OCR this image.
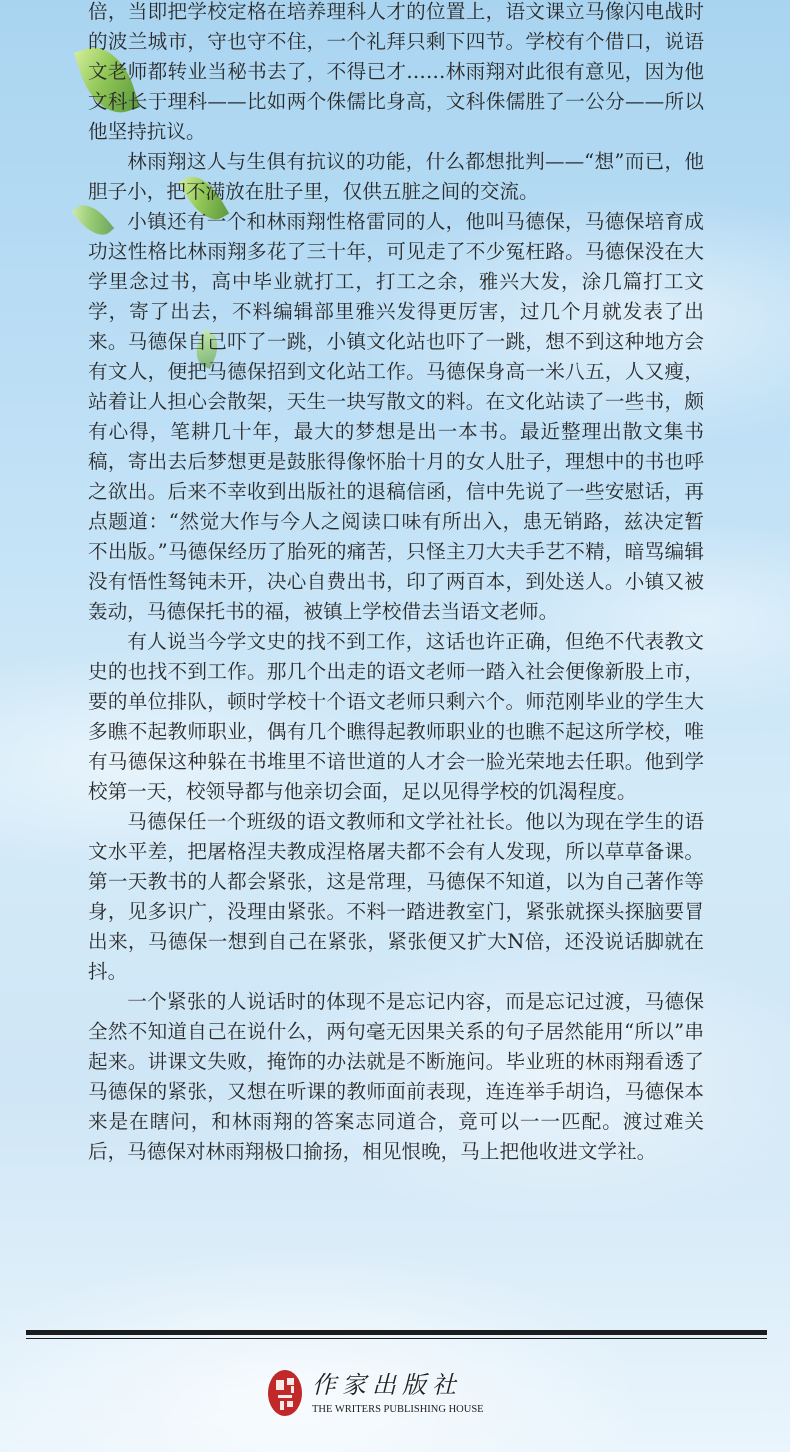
倍，当即把学校定格在培养理科人才的位置上，语文课立马像闪电战时的波兰城市，守也守不住，一个礼拜只剩下四节。学校有个借口，说语文老师都转业当秘书去了，不得已才……林雨翔对此很有意见，因为他文科长于理科——比如两个侏儒比身高，文科侏儒胜了一公分——所以他坚持抗议。

林雨翔这人与生俱有抗议的功能，什么都想批判——“想”而已，他胆子小，把不满放在肚子里，仅供五脏之间的交流。

小镇还有一个和林雨翔性格雷同的人，他叫马德保，马德保培育成功这性格比林雨翔多花了三十年，可见走了不少冤枉路。马德保没在大学里念过书，高中毕业就打工，打工之余，雅兴大发，涂几篇打工文学，寄了出去，不料编辑部里雅兴发得更厉害，过几个月就发表了出来。马德保自己吓了一跳，小镇文化站也吓了一跳，想不到这种地方会有文人，便把马德保招到文化站工作。马德保身高一米八五，人又瘦，站着让人担心会散架，天生一块写散文的料。在文化站读了一些书，颇有心得，笔耕几十年，最大的梦想是出一本书。最近整理出散文集书稿，寄出去后梦想更是鼓胀得像怀胎十月的女人肚子，理想中的书也呼之欲出。后来不幸收到出版社的退稿信函，信中先说了一些安慰话，再点题道：“然觉大作与今人之阅读口味有所出入，患无销路，兹决定暂不出版。”马德保经历了胎死的痛苦，只怪主刀大夫手艺不精，暗骂编辑没有悟性驽钝未开，决心自费出书，印了两百本，到处送人。小镇又被轰动，马德保托书的福，被镇上学校借去当语文老师。

有人说当今学文史的找不到工作，这话也许正确，但绝不代表教文史的也找不到工作。那几个出走的语文老师一踏入社会便像新股上市，要的单位排队，顿时学校十个语文老师只剩六个。师范刚毕业的学生大多瞧不起教师职业，偶有几个瞧得起教师职业的也瞧不起这所学校，唯有马德保这种躲在书堆里不谙世道的人才会一脸光荣地去任职。他到学校第一天，校领导都与他亲切会面，足以见得学校的饥渴程度。

马德保任一个班级的语文教师和文学社社长。他以为现在学生的语文水平差，把屠格涅夫教成涅格屠夫都不会有人发现，所以草草备课。第一天教书的人都会紧张，这是常理，马德保不知道，以为自己著作等身，见多识广，没理由紧张。不料一踏进教室门，紧张就探头探脑要冒出来，马德保一想到自己在紧张，紧张便又扩大N倍，还没说话脚就在抖。

一个紧张的人说话时的体现不是忘记内容，而是忘记过渡，马德保全然不知道自己在说什么，两句毫无因果关系的句子居然能用“所以”串起来。讲课文失败，掩饰的办法就是不断施问。毕业班的林雨翔看透了马德保的紧张，又想在听课的教师面前表现，连连举手胡诌，马德保本来是在瞎问，和林雨翔的答案志同道合，竟可以一一匹配。渡过难关后，马德保对林雨翔极口揄扬，相见恨晚，马上把他收进文学社。

作家出版社
THE WRITERS PUBLISHING HOUSE
